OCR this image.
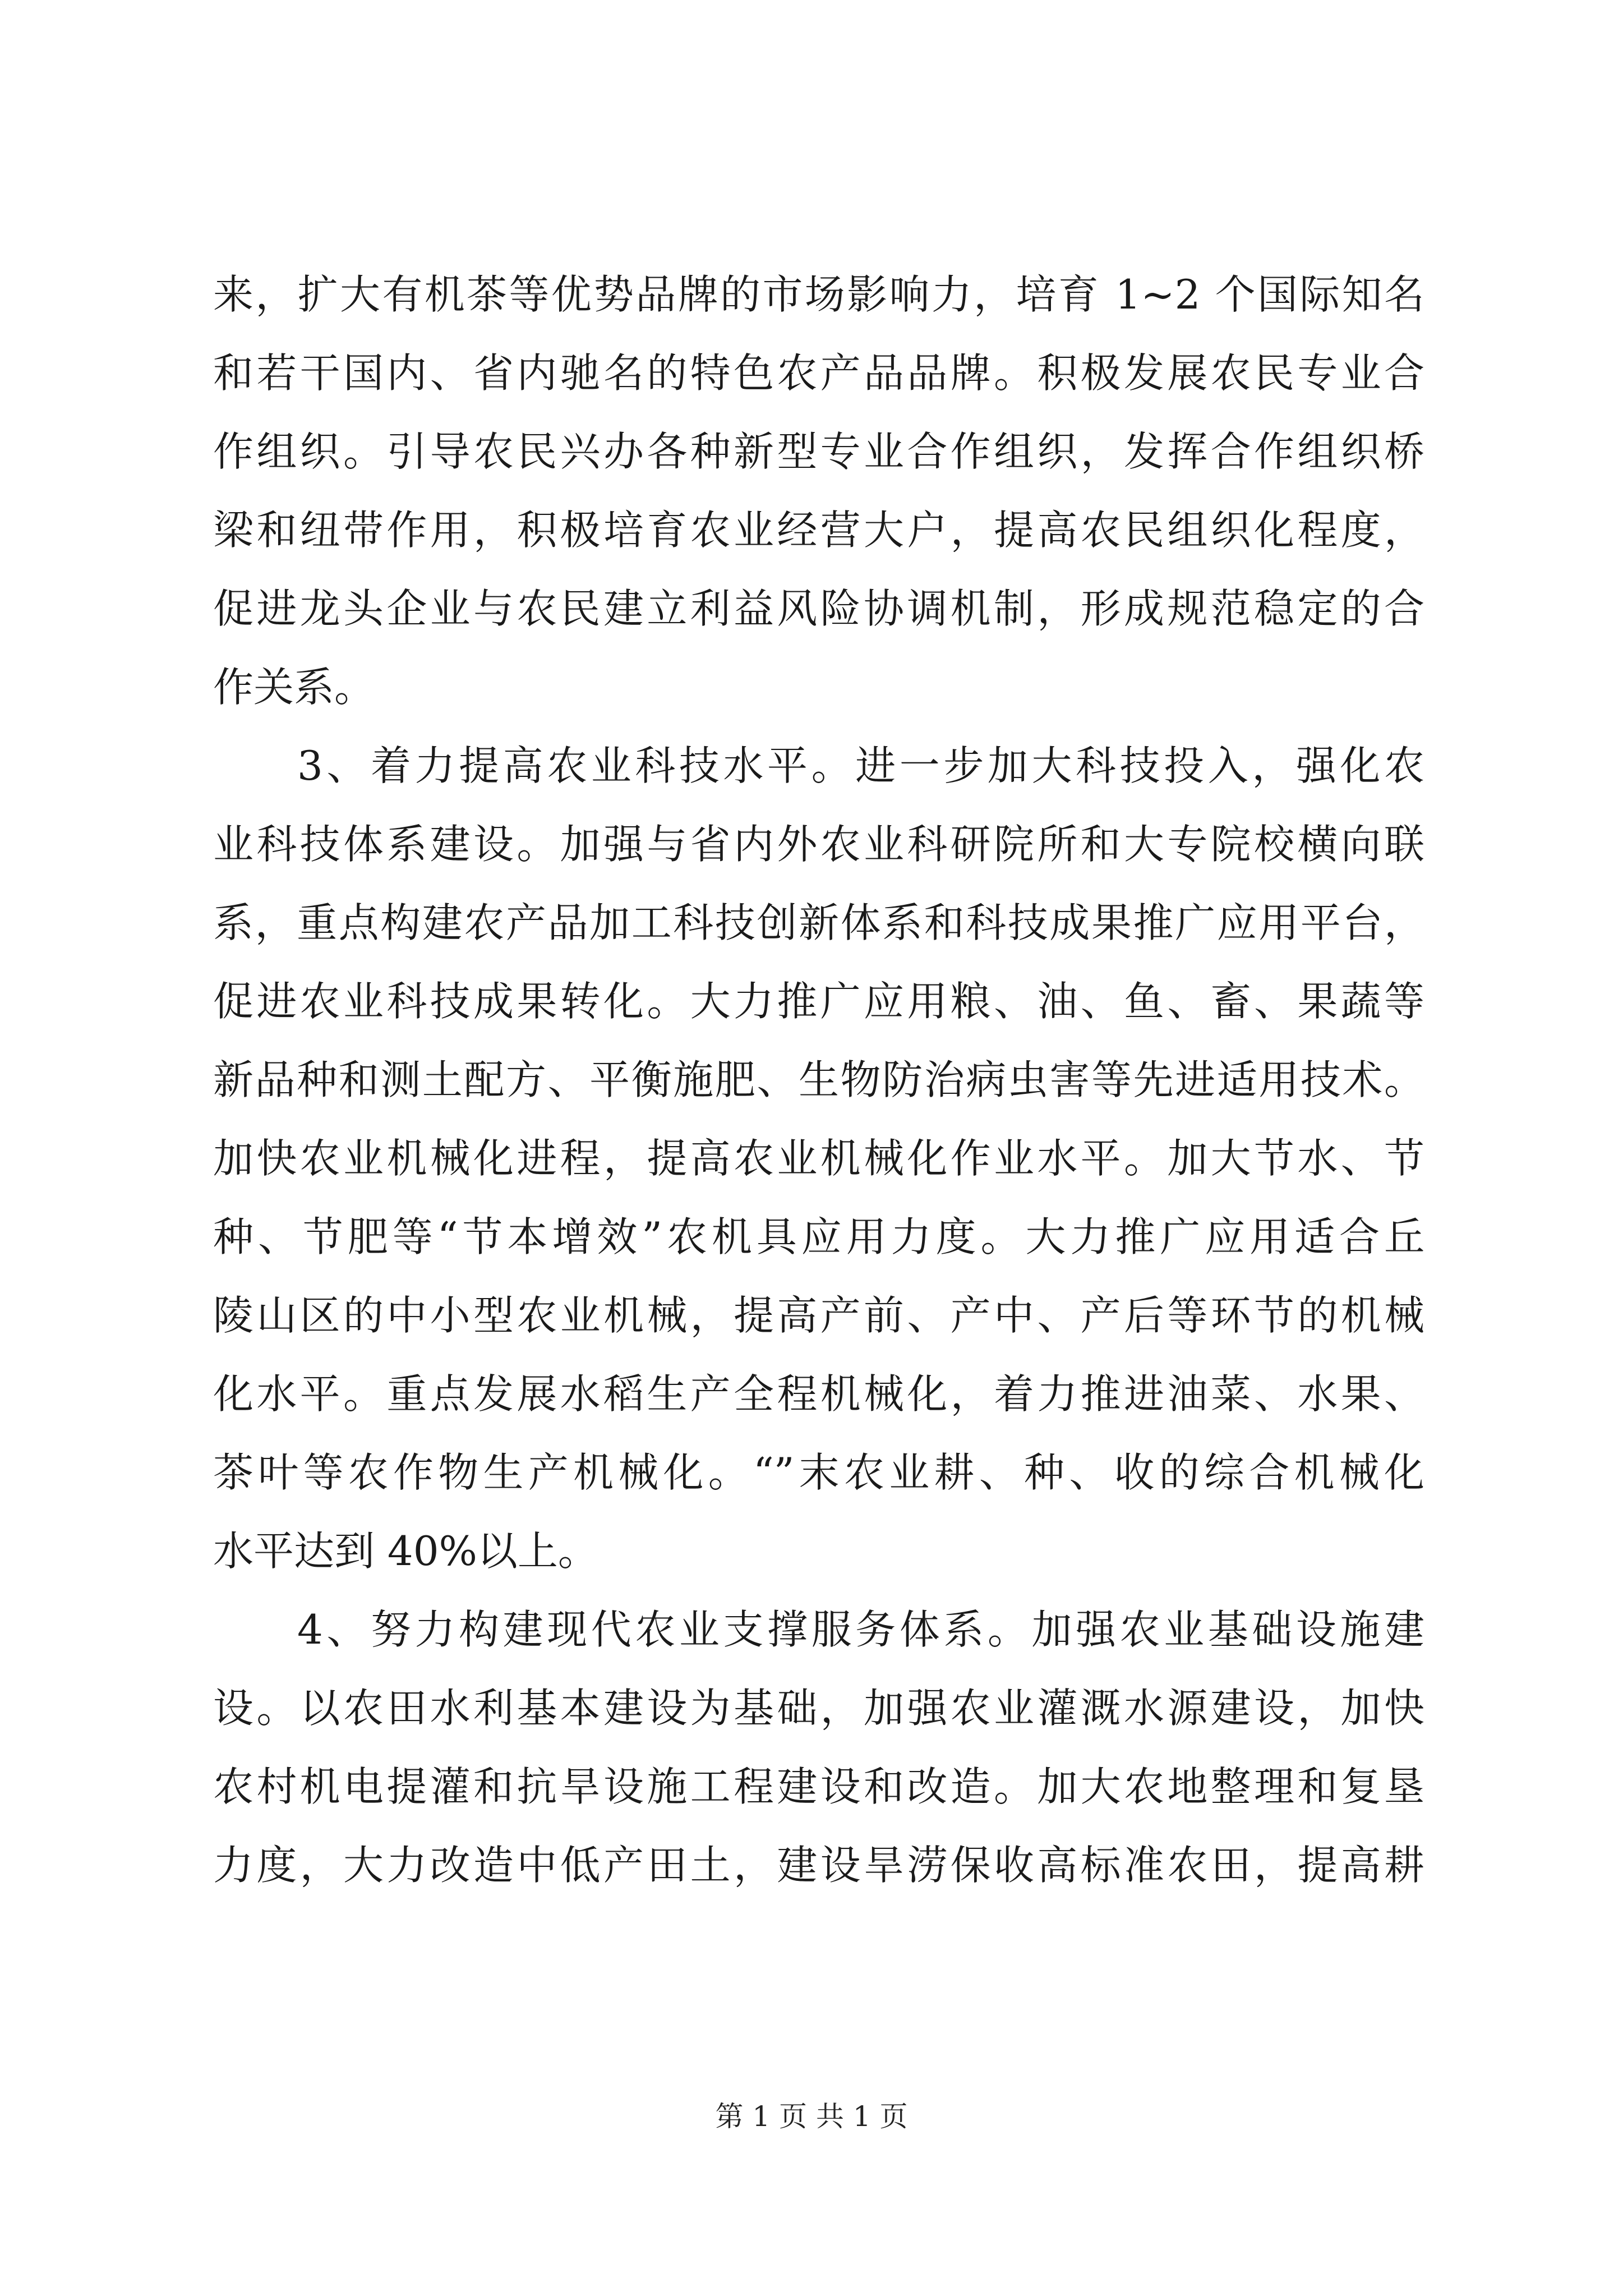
来，扩大有机茶等优势品牌的市场影响力，培育 1~2 个国际知名
和若干国内、省内驰名的特色农产品品牌。积极发展农民专业合
作组织。引导农民兴办各种新型专业合作组织，发挥合作组织桥
梁和纽带作用，积极培育农业经营大户，提高农民组织化程度，
促进龙头企业与农民建立利益风险协调机制，形成规范稳定的合
作关系。
3、着力提高农业科技水平。进一步加大科技投入，强化农
业科技体系建设。加强与省内外农业科研院所和大专院校横向联
系，重点构建农产品加工科技创新体系和科技成果推广应用平台，
促进农业科技成果转化。大力推广应用粮、油、鱼、畜、果蔬等
新品种和测土配方、平衡施肥、生物防治病虫害等先进适用技术。
加快农业机械化进程，提高农业机械化作业水平。加大节水、节
种、节肥等“节本增效”农机具应用力度。大力推广应用适合丘
陵山区的中小型农业机械，提高产前、产中、产后等环节的机械
化水平。重点发展水稻生产全程机械化，着力推进油菜、水果、
茶叶等农作物生产机械化。“”末农业耕、种、收的综合机械化
水平达到 40%以上。
4、努力构建现代农业支撑服务体系。加强农业基础设施建
设。以农田水利基本建设为基础，加强农业灌溉水源建设，加快
农村机电提灌和抗旱设施工程建设和改造。加大农地整理和复垦
力度，大力改造中低产田土，建设旱涝保收高标准农田，提高耕
第 1 页 共 1 页
